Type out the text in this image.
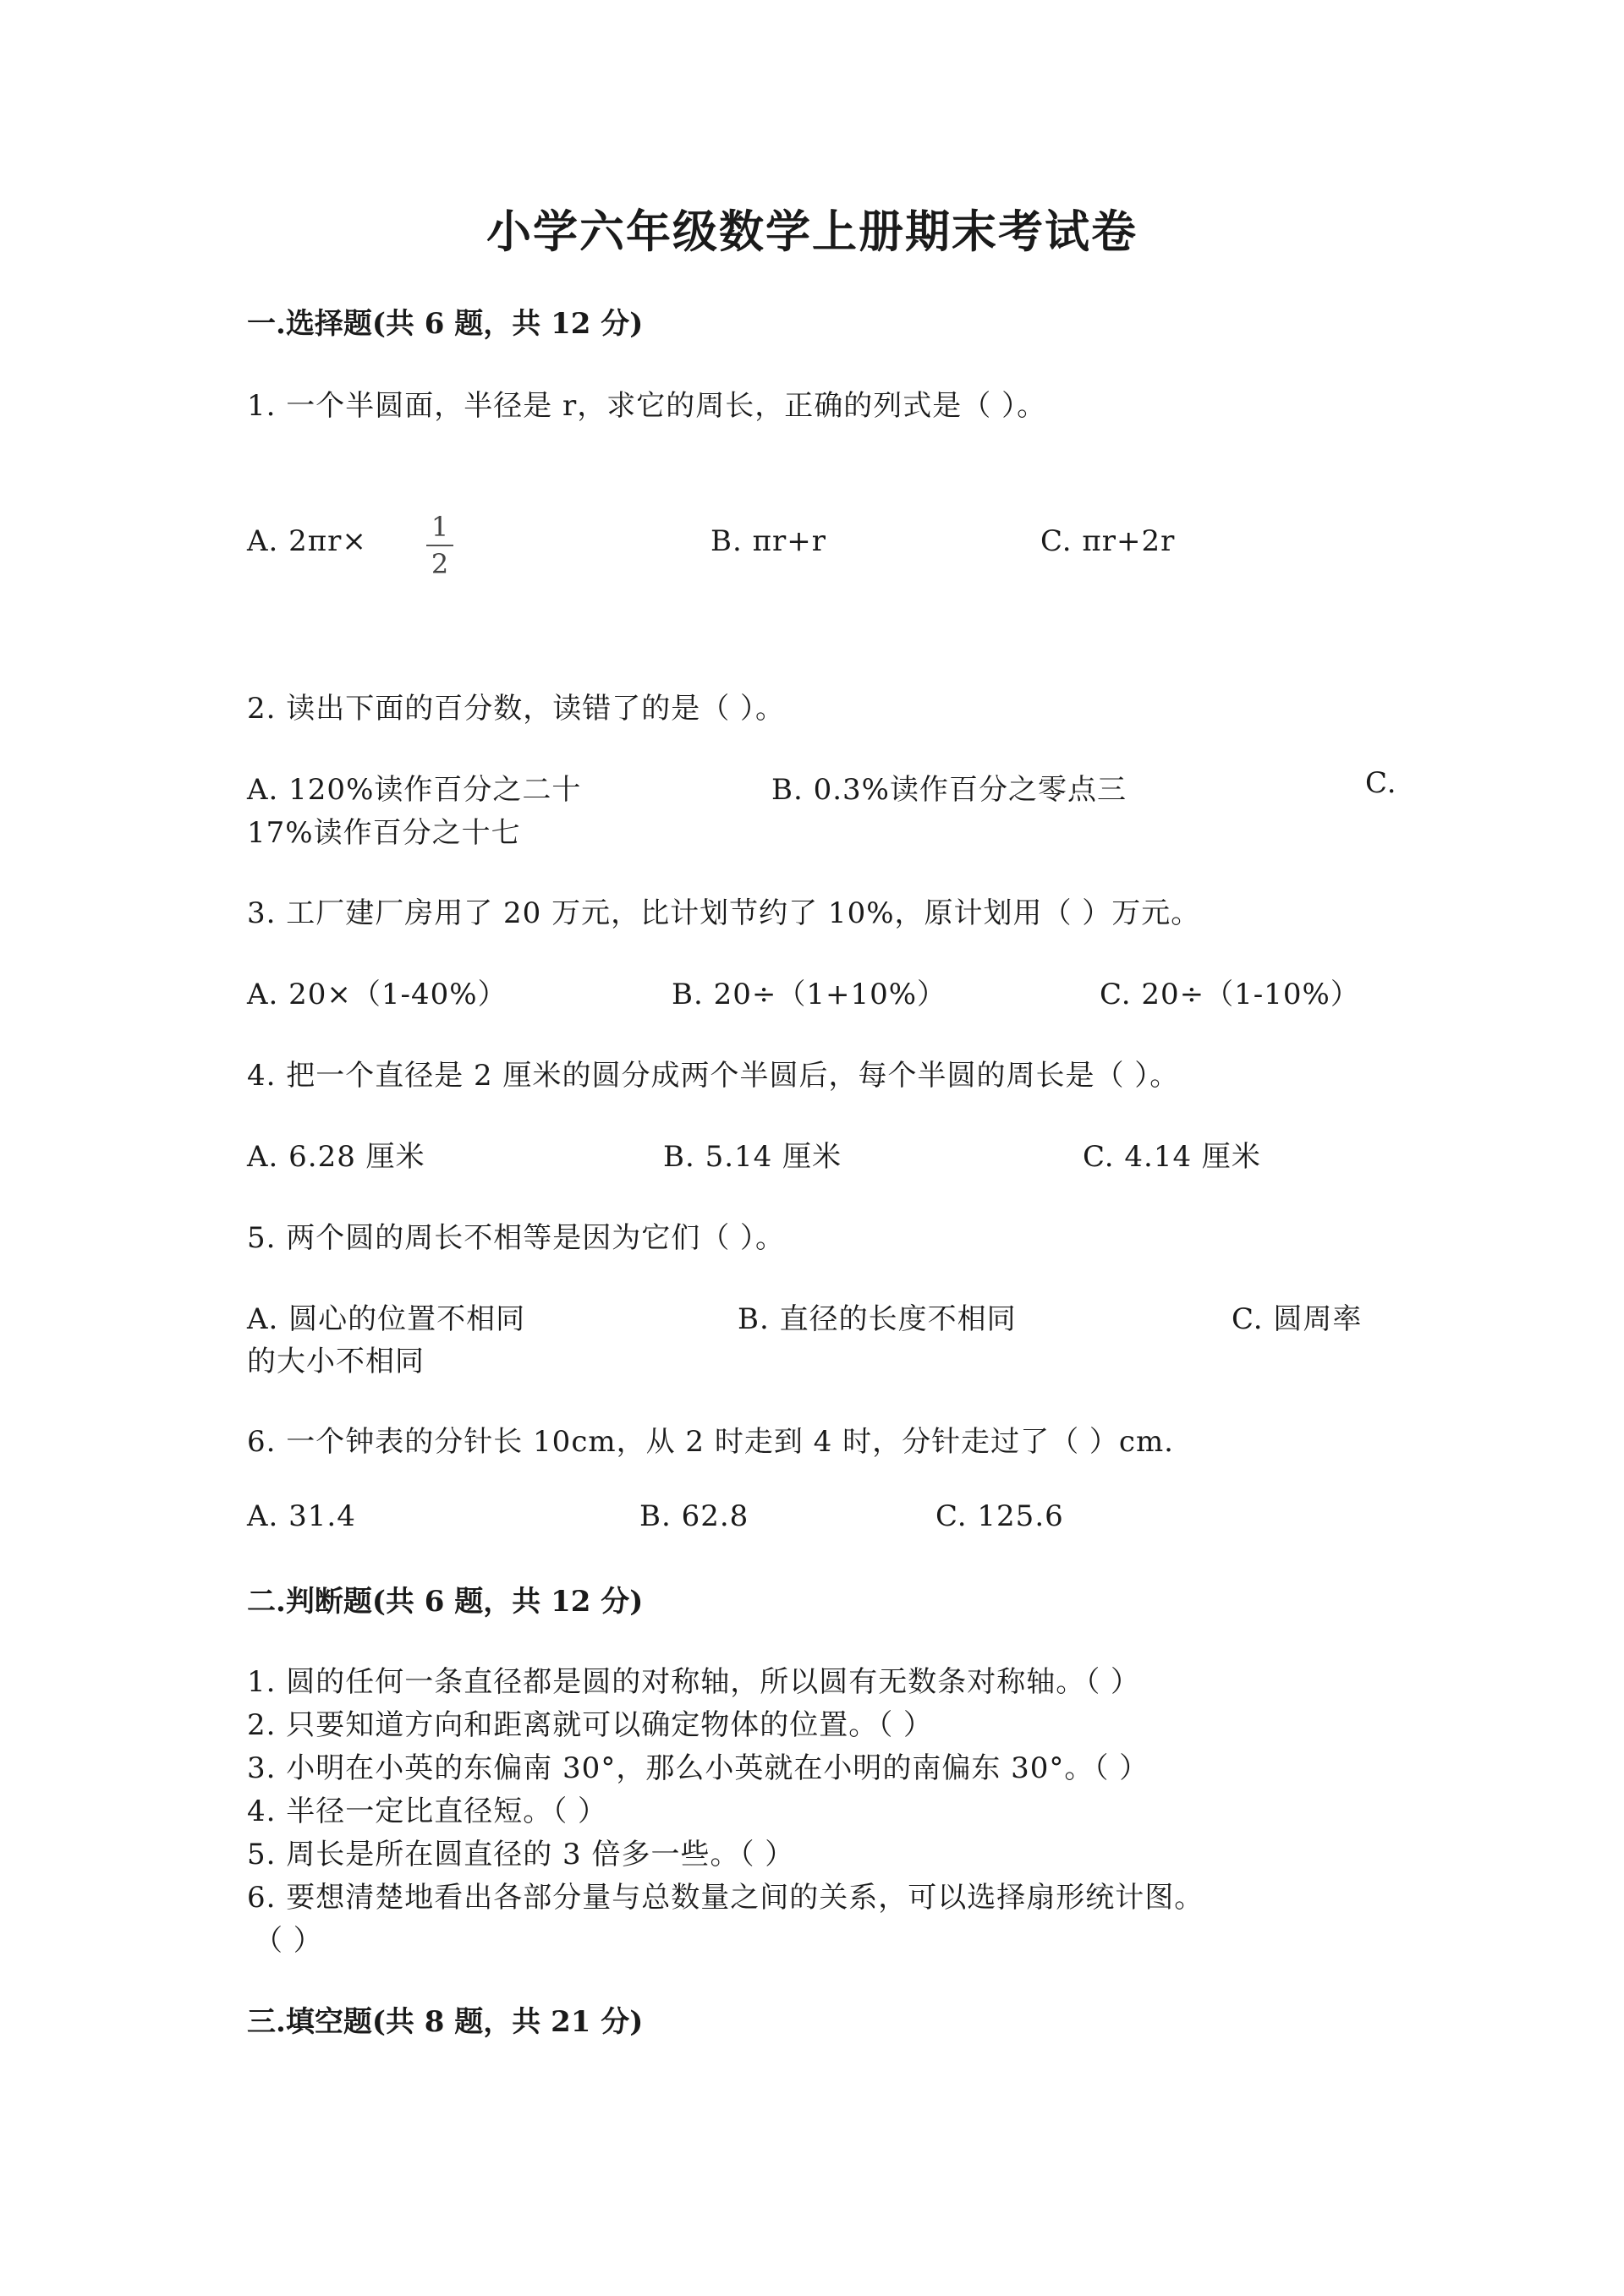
小学六年级数学上册期末考试卷
一.选择题(共 6 题，共 12 分)
1. 一个半圆面，半径是 r，求它的周长，正确的列式是（ ）。
A. 2πr×	1
2
B. πr+r	C. πr+2r
2. 读出下面的百分数，读错了的是（ ）。
A. 120%读作百分之二十	B. 0.3%读作百分之零点三	C.
17%读作百分之十七
3. 工厂建厂房用了 20 万元，比计划节约了 10%，原计划用（ ）万元。
A. 20×（1-40%）	B. 20÷（1+10%）	C. 20÷（1-10%）
4. 把一个直径是 2 厘米的圆分成两个半圆后，每个半圆的周长是（ ）。
A. 6.28 厘米	B. 5.14 厘米	C. 4.14 厘米
5. 两个圆的周长不相等是因为它们（ ）。
A. 圆心的位置不相同	B. 直径的长度不相同	C. 圆周率
的大小不相同
6. 一个钟表的分针长 10cm，从 2 时走到 4 时，分针走过了（ ）cm.
A. 31.4	B. 62.8	C. 125.6
二.判断题(共 6 题，共 12 分)
1. 圆的任何一条直径都是圆的对称轴，所以圆有无数条对称轴。（ ）
2. 只要知道方向和距离就可以确定物体的位置。（ ）
3. 小明在小英的东偏南 30°，那么小英就在小明的南偏东 30°。（ ）
4. 半径一定比直径短。（ ）
5. 周长是所在圆直径的 3 倍多一些。（ ）
6. 要想清楚地看出各部分量与总数量之间的关系，可以选择扇形统计图。
（ ）
三.填空题(共 8 题，共 21 分)
